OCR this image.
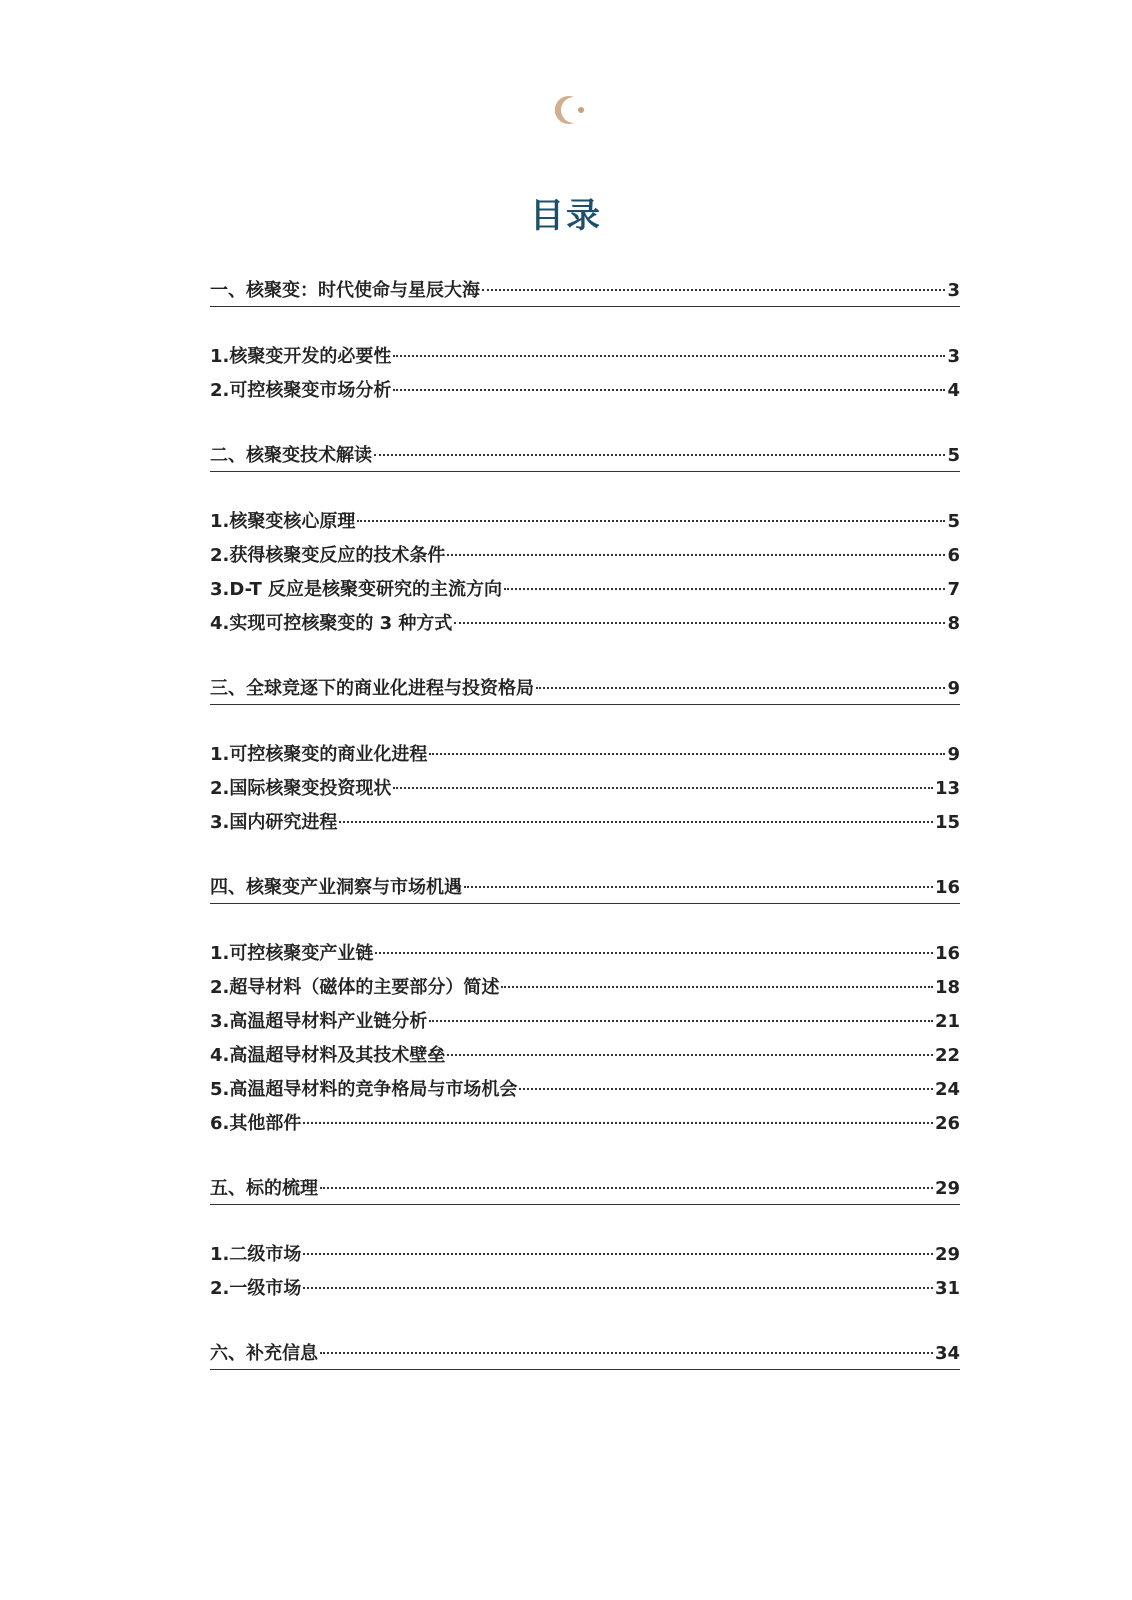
目录
一、核聚变：时代使命与星辰大海	3
1.核聚变开发的必要性	3
2.可控核聚变市场分析	4
二、核聚变技术解读	5
1.核聚变核心原理	5
2.获得核聚变反应的技术条件	6
3.D-T 反应是核聚变研究的主流方向	7
4.实现可控核聚变的 3 种方式	8
三、全球竞逐下的商业化进程与投资格局	9
1.可控核聚变的商业化进程	9
2.国际核聚变投资现状	13
3.国内研究进程	15
四、核聚变产业洞察与市场机遇	16
1.可控核聚变产业链	16
2.超导材料（磁体的主要部分）简述	18
3.高温超导材料产业链分析	21
4.高温超导材料及其技术壁垒	22
5.高温超导材料的竞争格局与市场机会	24
6.其他部件	26
五、标的梳理	29
1.二级市场	29
2.一级市场	31
六、补充信息	34
